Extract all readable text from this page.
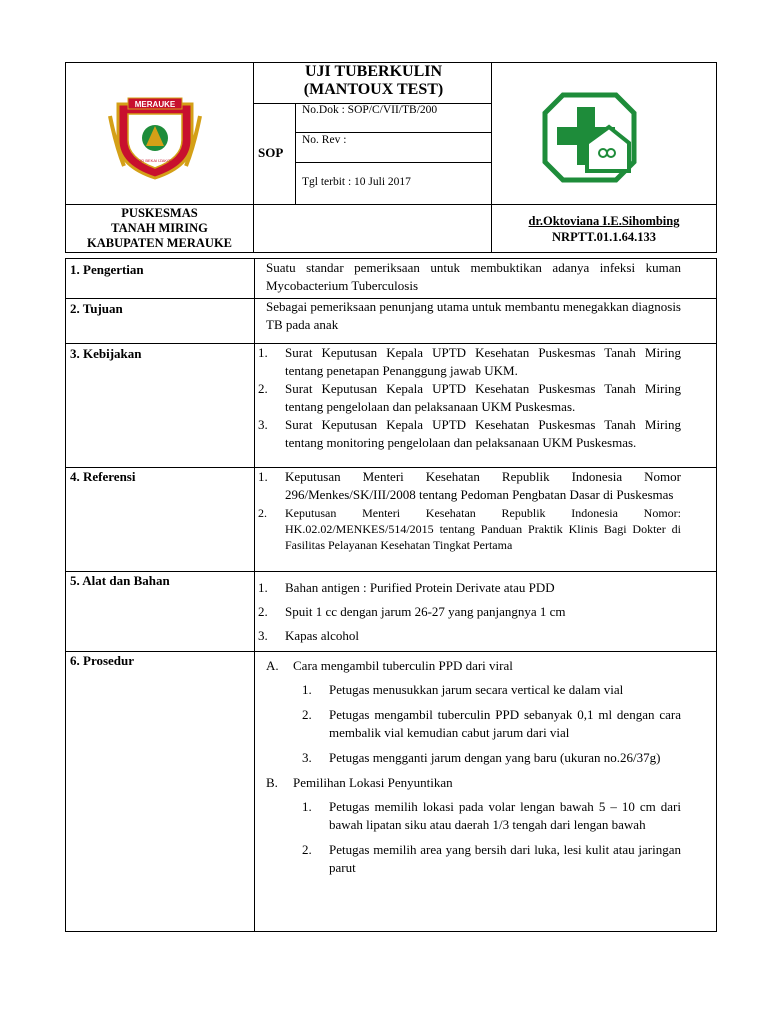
MERAUKE
IZAKOD BEKAI IZAKOD KAI
UJI TUBERKULIN
(MANTOUX TEST)
SOP
No.Dok : SOP/C/VII/TB/200
No. Rev :
Tgl terbit : 10 Juli 2017
PUSKESMAS
TANAH MIRING
KABUPATEN MERAUKE
dr.Oktoviana I.E.Sihombing
NRPTT.01.1.64.133
1. Pengertian	Suatu standar pemeriksaan untuk membuktikan adanya infeksi kuman Mycobacterium Tuberculosis
2. Tujuan	Sebagai pemeriksaan penunjang utama untuk membantu menegakkan diagnosis TB pada anak
3. Kebijakan	1. Surat Keputusan Kepala UPTD Kesehatan Puskesmas Tanah Miring tentang penetapan Penanggung jawab UKM.
2. Surat Keputusan Kepala UPTD Kesehatan Puskesmas Tanah Miring tentang pengelolaan dan pelaksanaan UKM Puskesmas.
3. Surat Keputusan Kepala UPTD Kesehatan Puskesmas Tanah Miring tentang monitoring pengelolaan dan pelaksanaan UKM Puskesmas.
4. Referensi	1. Keputusan Menteri Kesehatan Republik Indonesia Nomor 296/Menkes/SK/III/2008 tentang Pedoman Pengbatan Dasar di Puskesmas
2. Keputusan Menteri Kesehatan Republik Indonesia Nomor: HK.02.02/MENKES/514/2015 tentang Panduan Praktik Klinis Bagi Dokter di Fasilitas Pelayanan Kesehatan Tingkat Pertama
5. Alat dan Bahan	1. Bahan antigen : Purified Protein Derivate atau PDD
2. Spuit 1 cc dengan jarum 26-27 yang panjangnya 1 cm
3. Kapas alcohol
6. Prosedur	A. Cara mengambil tuberculin PPD dari viral
1. Petugas menusukkan jarum secara vertical ke dalam vial
2. Petugas mengambil tuberculin PPD sebanyak 0,1 ml dengan cara membalik vial kemudian cabut jarum dari vial
3. Petugas mengganti jarum dengan yang baru (ukuran no.26/37g)
B. Pemilihan Lokasi Penyuntikan
1. Petugas memilih lokasi pada volar lengan bawah 5 – 10 cm dari bawah lipatan siku atau daerah 1/3 tengah dari lengan bawah
2. Petugas memilih area yang bersih dari luka, lesi kulit atau jaringan parut
